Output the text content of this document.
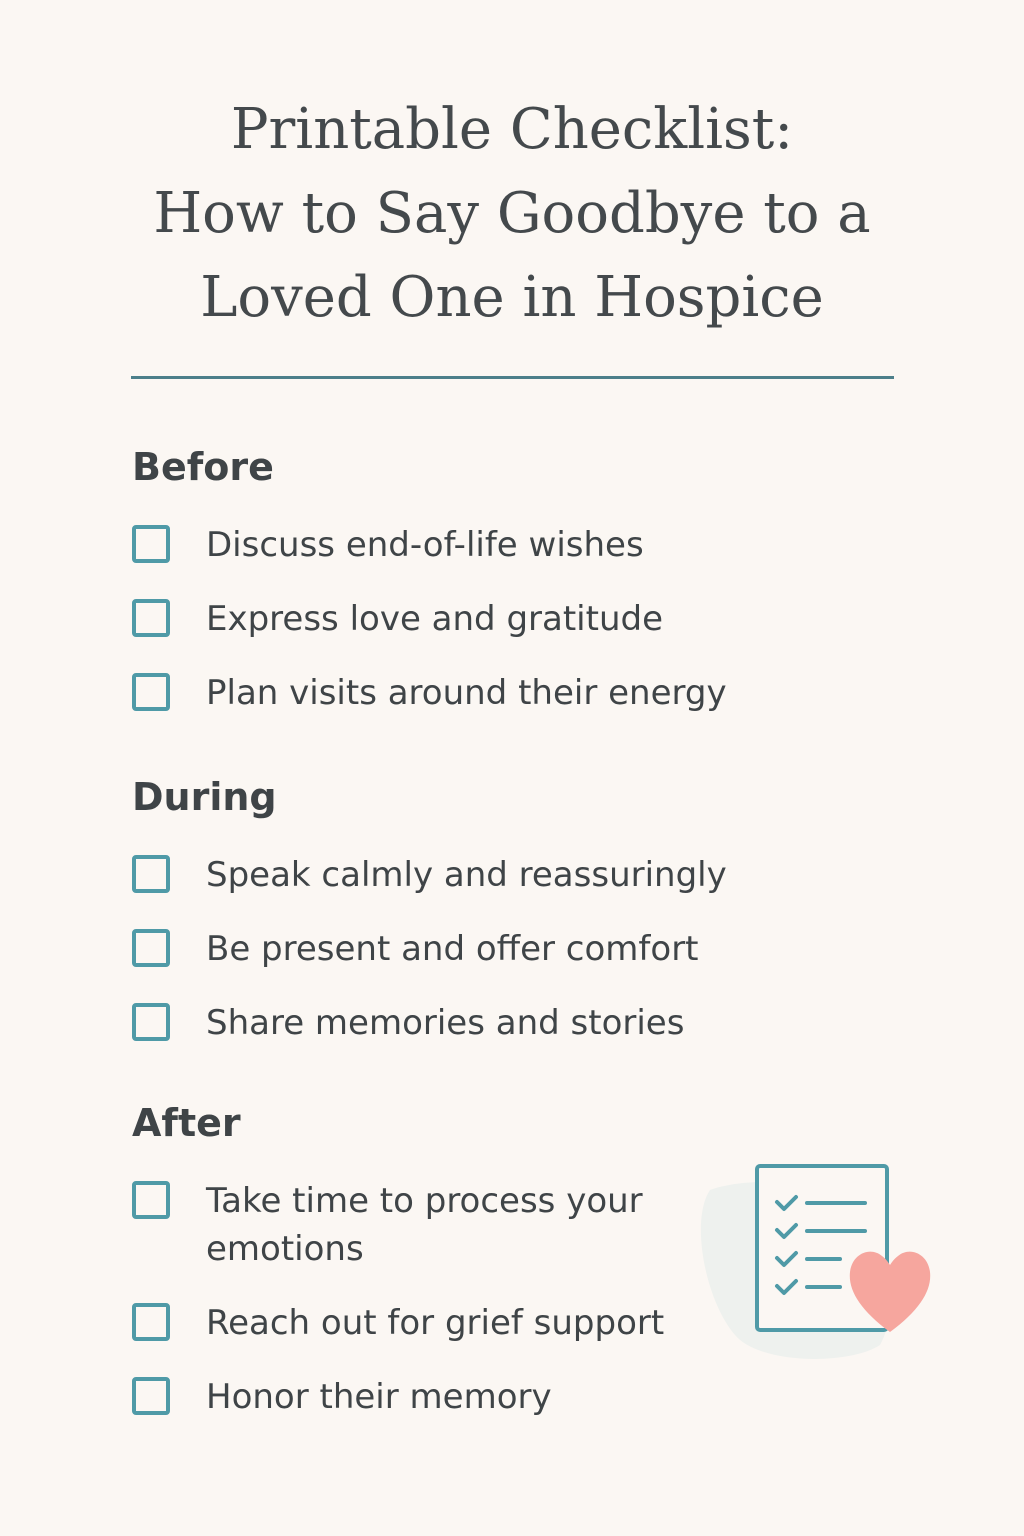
Printable Checklist:
How to Say Goodbye to a
Loved One in Hospice
Before
Discuss end-of-life wishes
Express love and gratitude
Plan visits around their energy
During
Speak calmly and reassuringly
Be present and offer comfort
Share memories and stories
After
Take time to process your emotions
Reach out for grief support
Honor their memory
